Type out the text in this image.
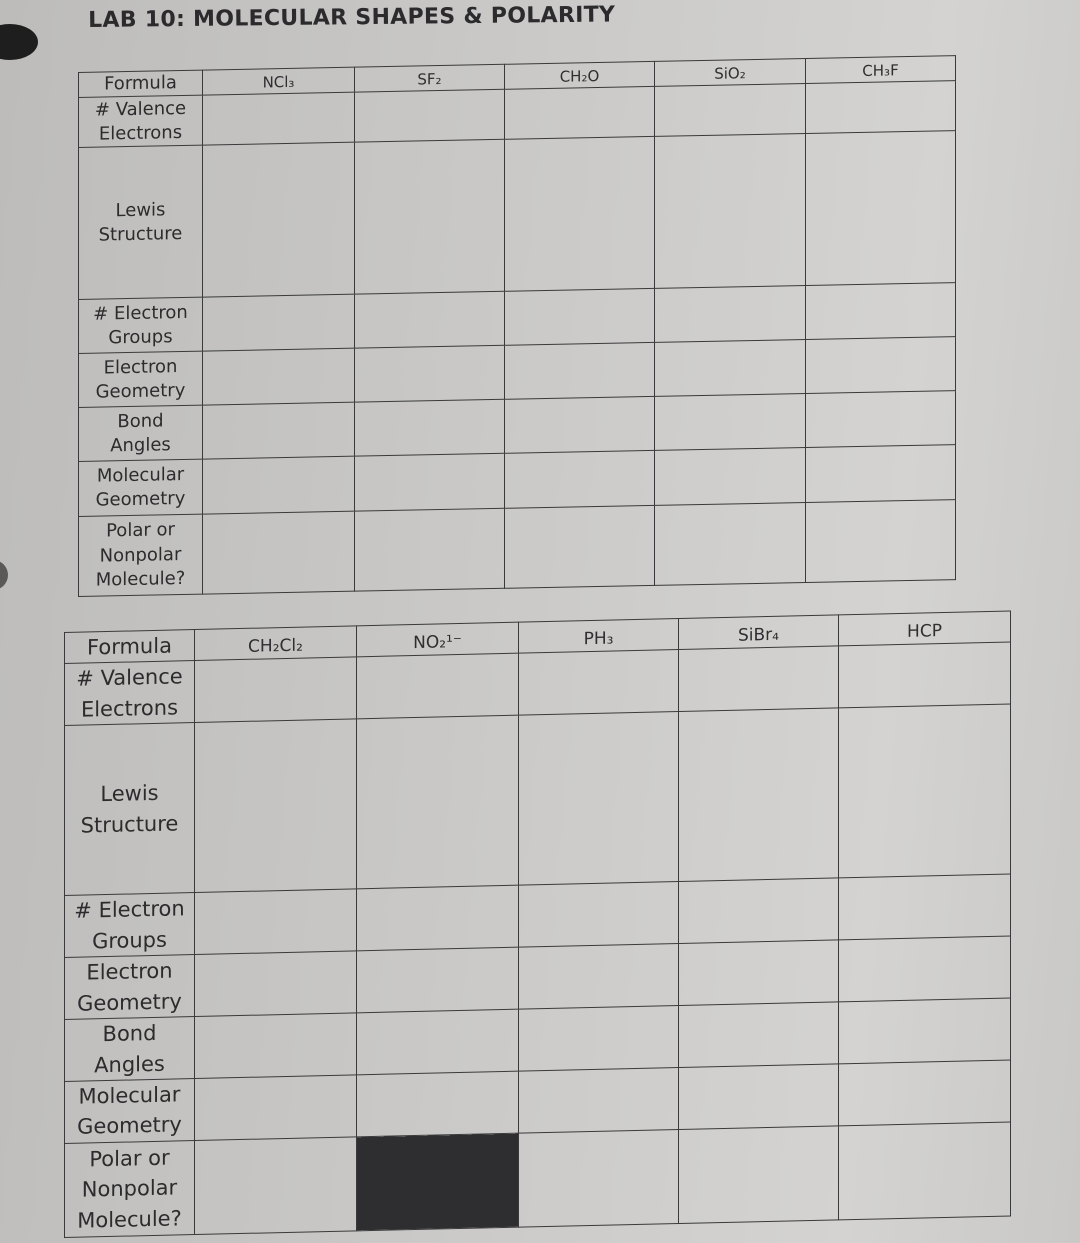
LAB 10: MOLECULAR SHAPES & POLARITY
Formula	NCl₃	SF₂	CH₂O	SiO₂	CH₃F

# Valence
Electrons					

Lewis
Structure					

# Electron
Groups					

Electron
Geometry					

Bond
Angles					

Molecular
Geometry					

Polar or
Nonpolar
Molecule?					

Formula	CH₂Cl₂	NO₂¹⁻	PH₃	SiBr₄	HCP

# Valence
Electrons					

Lewis
Structure					

# Electron
Groups					

Electron
Geometry					

Bond
Angles					

Molecular
Geometry					

Polar or
Nonpolar
Molecule?					
